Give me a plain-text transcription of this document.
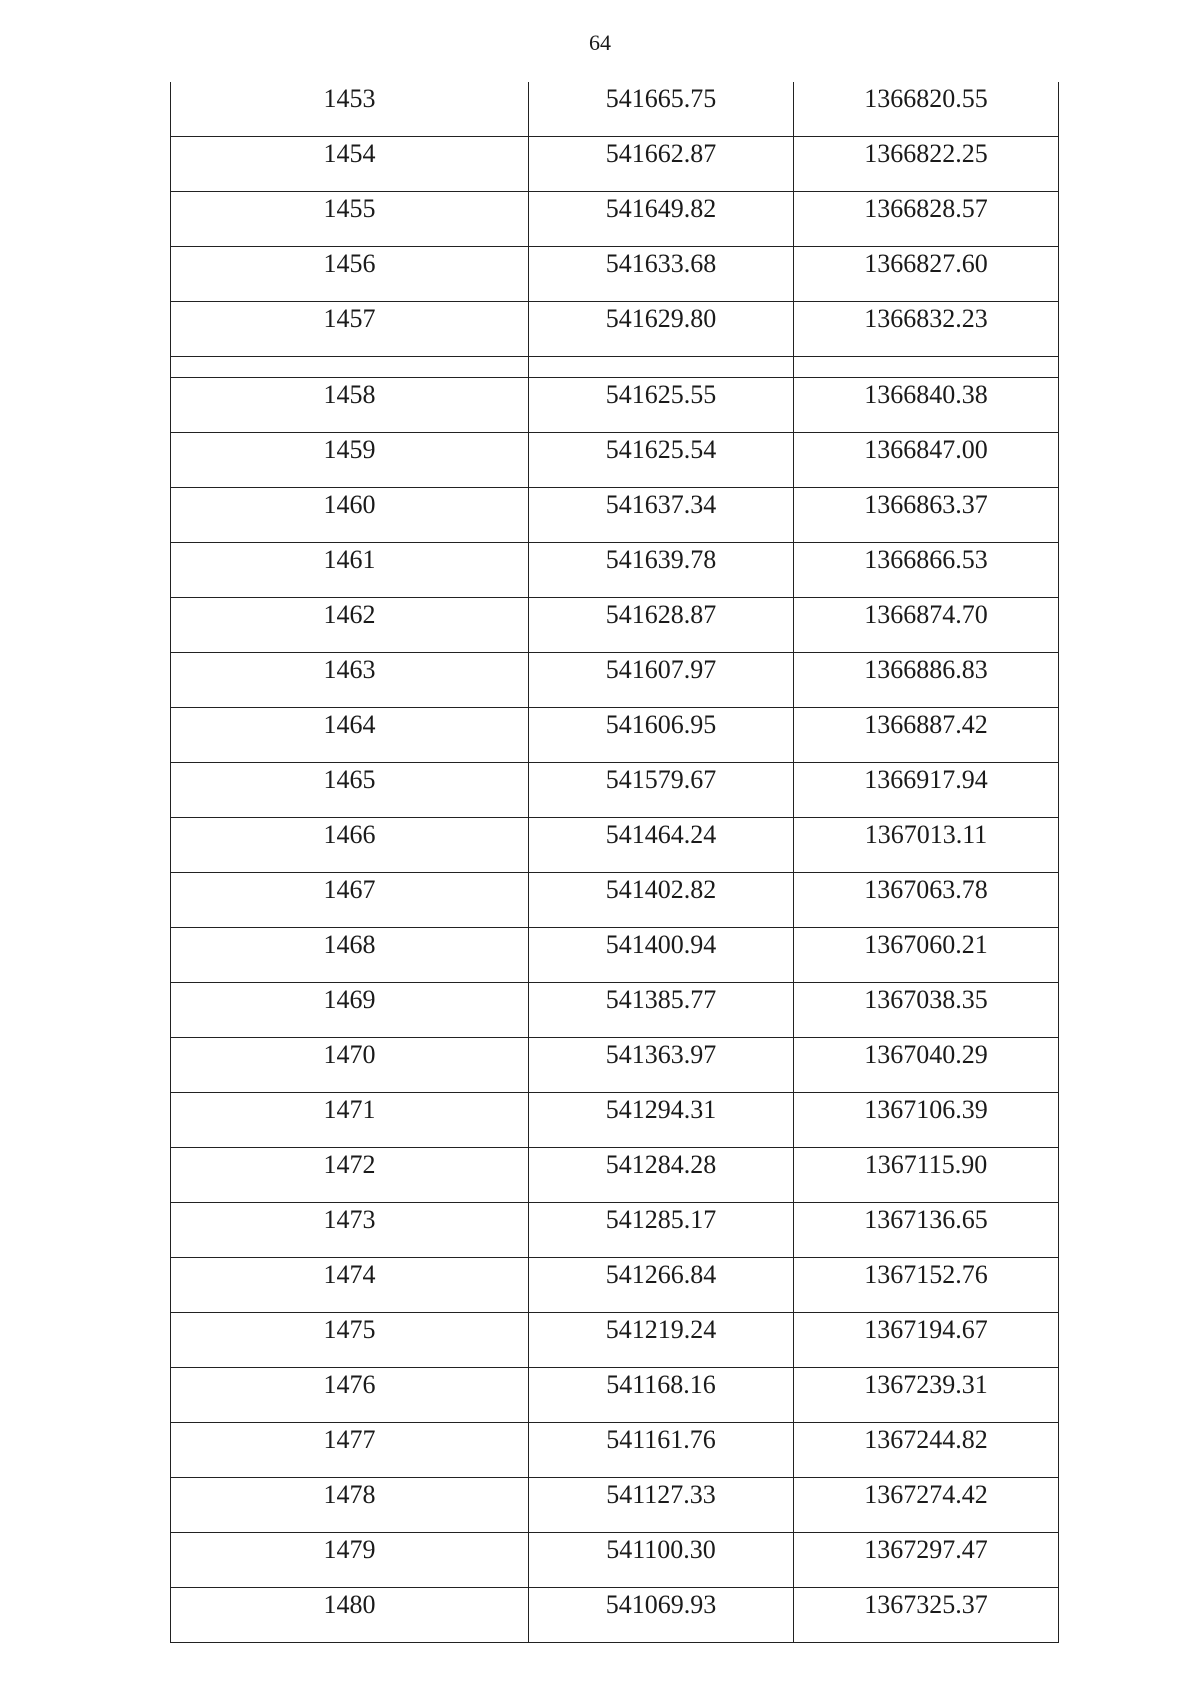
64
1453	541665.75	1366820.55
1454	541662.87	1366822.25
1455	541649.82	1366828.57
1456	541633.68	1366827.60
1457	541629.80	1366832.23

1458	541625.55	1366840.38
1459	541625.54	1366847.00
1460	541637.34	1366863.37
1461	541639.78	1366866.53
1462	541628.87	1366874.70
1463	541607.97	1366886.83
1464	541606.95	1366887.42
1465	541579.67	1366917.94
1466	541464.24	1367013.11
1467	541402.82	1367063.78
1468	541400.94	1367060.21
1469	541385.77	1367038.35
1470	541363.97	1367040.29
1471	541294.31	1367106.39
1472	541284.28	1367115.90
1473	541285.17	1367136.65
1474	541266.84	1367152.76
1475	541219.24	1367194.67
1476	541168.16	1367239.31
1477	541161.76	1367244.82
1478	541127.33	1367274.42
1479	541100.30	1367297.47
1480	541069.93	1367325.37
